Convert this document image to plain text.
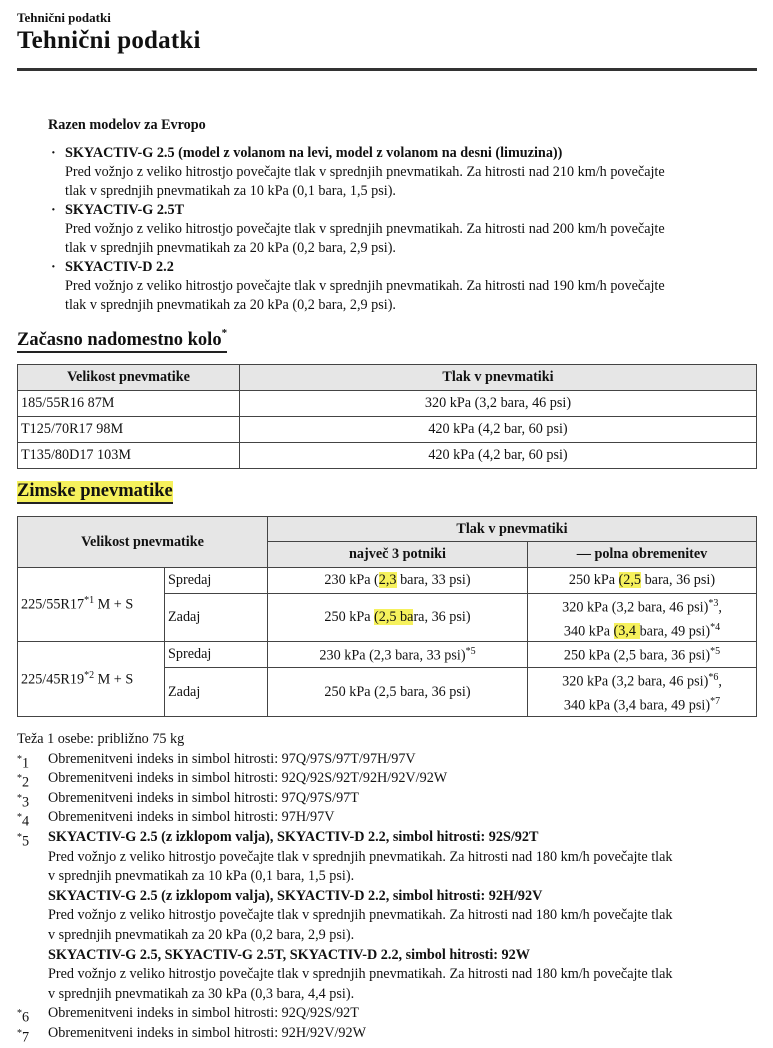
Tehnični podatki
Tehnični podatki
Razen modelov za Evropo
· SKYACTIV-G 2.5 (model z volanom na levi, model z volanom na desni (limuzina))
Pred vožnjo z veliko hitrostjo povečajte tlak v sprednjih pnevmatikah. Za hitrosti nad 210 km/h povečajte
tlak v sprednjih pnevmatikah za 10 kPa (0,1 bara, 1,5 psi).
· SKYACTIV-G 2.5T
Pred vožnjo z veliko hitrostjo povečajte tlak v sprednjih pnevmatikah. Za hitrosti nad 200 km/h povečajte
tlak v sprednjih pnevmatikah za 20 kPa (0,2 bara, 2,9 psi).
· SKYACTIV-D 2.2
Pred vožnjo z veliko hitrostjo povečajte tlak v sprednjih pnevmatikah. Za hitrosti nad 190 km/h povečajte
tlak v sprednjih pnevmatikah za 20 kPa (0,2 bara, 2,9 psi).
Začasno nadomestno kolo*
Velikost pnevmatike	Tlak v pnevmatiki
185/55R16 87M	320 kPa (3,2 bara, 46 psi)
T125/70R17 98M	420 kPa (4,2 bar, 60 psi)
T135/80D17 103M	420 kPa (4,2 bar, 60 psi)
Zimske pnevmatike
Velikost pnevmatike		Tlak v pnevmatiki	
		največ 3 potniki	— polna obremenitev
225/55R17$^{*1}$ M + S	Spredaj	230 kPa (2,3 bara, 33 psi)	250 kPa (2,5 bara, 36 psi)
	Zadaj	250 kPa (2,5 bara, 36 psi)	320 kPa (3,2 bara, 46 psi)$^{*3}$,
340 kPa (3,4 bara, 49 psi)$^{*4}$
225/45R19$^{*2}$ M + S	Spredaj	230 kPa (2,3 bara, 33 psi)$^{*5}$	250 kPa (2,5 bara, 36 psi)$^{*5}$
	Zadaj	250 kPa (2,5 bara, 36 psi)	320 kPa (3,2 bara, 46 psi)$^{*6}$,
340 kPa (3,4 bara, 49 psi)$^{*7}$
Teža 1 osebe: približno 75 kg
*1 Obremenitveni indeks in simbol hitrosti: 97Q/97S/97T/97H/97V
*2 Obremenitveni indeks in simbol hitrosti: 92Q/92S/92T/92H/92V/92W
*3 Obremenitveni indeks in simbol hitrosti: 97Q/97S/97T
*4 Obremenitveni indeks in simbol hitrosti: 97H/97V
*5 SKYACTIV-G 2.5 (z izklopom valja), SKYACTIV-D 2.2, simbol hitrosti: 92S/92T
Pred vožnjo z veliko hitrostjo povečajte tlak v sprednjih pnevmatikah. Za hitrosti nad 180 km/h povečajte tlak
v sprednjih pnevmatikah za 10 kPa (0,1 bara, 1,5 psi).
SKYACTIV-G 2.5 (z izklopom valja), SKYACTIV-D 2.2, simbol hitrosti: 92H/92V
Pred vožnjo z veliko hitrostjo povečajte tlak v sprednjih pnevmatikah. Za hitrosti nad 180 km/h povečajte tlak
v sprednjih pnevmatikah za 20 kPa (0,2 bara, 2,9 psi).
SKYACTIV-G 2.5, SKYACTIV-G 2.5T, SKYACTIV-D 2.2, simbol hitrosti: 92W
Pred vožnjo z veliko hitrostjo povečajte tlak v sprednjih pnevmatikah. Za hitrosti nad 180 km/h povečajte tlak
v sprednjih pnevmatikah za 30 kPa (0,3 bara, 4,4 psi).
*6 Obremenitveni indeks in simbol hitrosti: 92Q/92S/92T
*7 Obremenitveni indeks in simbol hitrosti: 92H/92V/92W
